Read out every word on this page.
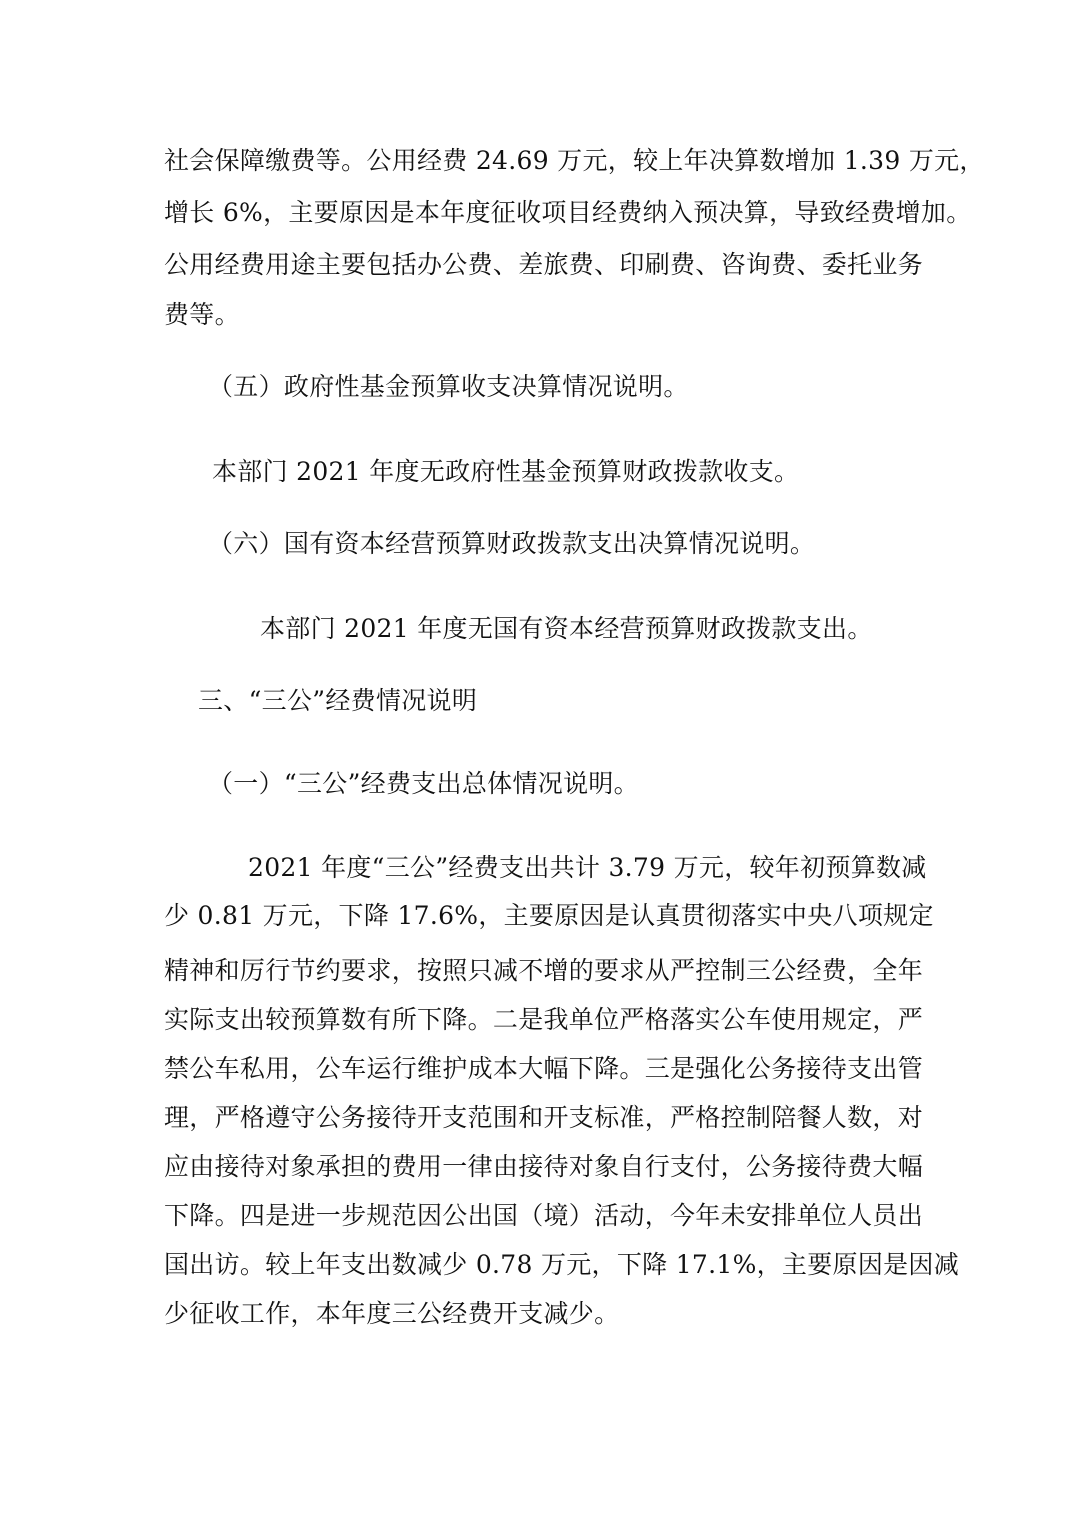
社会保障缴费等。公用经费 24.69 万元，较上年决算数增加 1.39 万元，
增长 6%，主要原因是本年度征收项目经费纳入预决算，导致经费增加。
公用经费用途主要包括办公费、差旅费、印刷费、咨询费、委托业务
费等。
（五）政府性基金预算收支决算情况说明。
本部门 2021 年度无政府性基金预算财政拨款收支。
（六）国有资本经营预算财政拨款支出决算情况说明。
本部门 2021 年度无国有资本经营预算财政拨款支出。
三、“三公”经费情况说明
（一）“三公”经费支出总体情况说明。
2021 年度“三公”经费支出共计 3.79 万元，较年初预算数减
少 0.81 万元，下降 17.6%，主要原因是认真贯彻落实中央八项规定
精神和厉行节约要求，按照只减不增的要求从严控制三公经费，全年
实际支出较预算数有所下降。二是我单位严格落实公车使用规定，严
禁公车私用，公车运行维护成本大幅下降。三是强化公务接待支出管
理，严格遵守公务接待开支范围和开支标准，严格控制陪餐人数，对
应由接待对象承担的费用一律由接待对象自行支付，公务接待费大幅
下降。四是进一步规范因公出国（境）活动，今年未安排单位人员出
国出访。较上年支出数减少 0.78 万元，下降 17.1%，主要原因是因减
少征收工作，本年度三公经费开支减少。
